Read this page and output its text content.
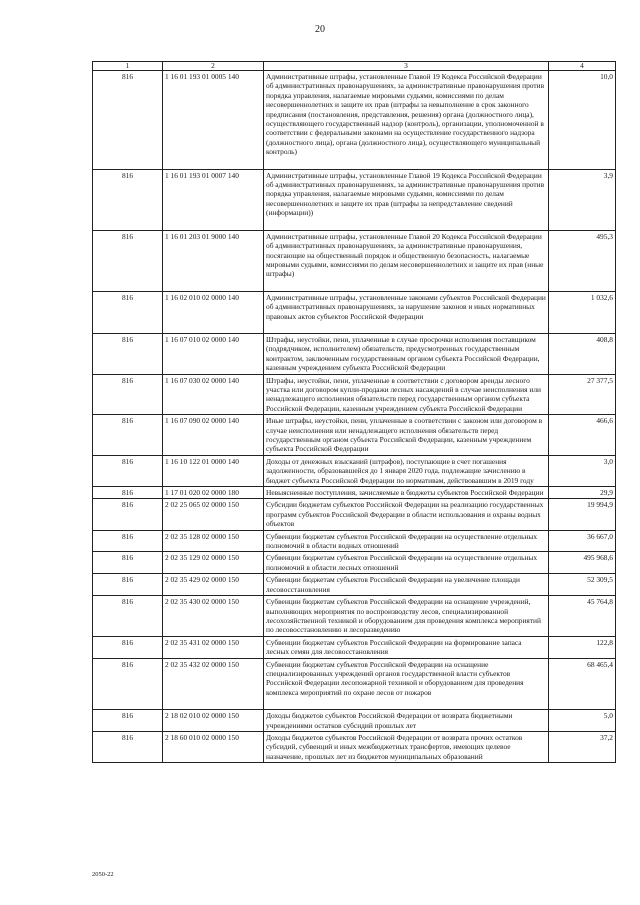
20
1	2	3	4
816	1 16 01 193 01 0005 140	Административные штрафы, установленные Главой 19 Кодекса Российской Федерации об административных правонарушениях, за административные правонарушения против порядка управления, налагаемые мировыми судьями, комиссиями по делам несовершеннолетних и защите их прав (штрафы за невыполнение в срок законного предписания (постановления, представления, решения) органа (должностного лица), осуществляющего государственный надзор (контроль), организации, уполномоченной в соответствии с федеральными законами на осуществление государственного надзора (должностного лица), органа (должностного лица), осуществляющего муниципальный контроль)	10,0
816	1 16 01 193 01 0007 140	Административные штрафы, установленные Главой 19 Кодекса Российской Федерации об административных правонарушениях, за административные правонарушения против порядка управления, налагаемые мировыми судьями, комиссиями по делам несовершеннолетних и защите их прав (штрафы за непредставление сведений (информации))	3,9
816	1 16 01 203 01 9000 140	Административные штрафы, установленные Главой 20 Кодекса Российской Федерации об административных правонарушениях, за административные правонарушения, посягающие на общественный порядок и общественную безопасность, налагаемые мировыми судьями, комиссиями по делам несовершеннолетних и защите их прав (иные штрафы)	495,3
816	1 16 02 010 02 0000 140	Административные штрафы, установленные законами субъектов Российской Федерации об административных правонарушениях, за нарушение законов и иных нормативных правовых актов субъектов Российской Федерации	1 032,6
816	1 16 07 010 02 0000 140	Штрафы, неустойки, пени, уплаченные в случае просрочки исполнения поставщиком (подрядчиком, исполнителем) обязательств, предусмотренных государственным контрактом, заключенным государственным органом субъекта Российской Федерации, казенным учреждением субъекта Российской Федерации	408,8
816	1 16 07 030 02 0000 140	Штрафы, неустойки, пени, уплаченные в соответствии с договором аренды лесного участка или договором купли-продажи лесных насаждений в случае неисполнения или ненадлежащего исполнения обязательств перед государственным органом субъекта Российской Федерации, казенным учреждением субъекта Российской Федерации	27 377,5
816	1 16 07 090 02 0000 140	Иные штрафы, неустойки, пени, уплаченные в соответствии с законом или договором в случае неисполнения или ненадлежащего исполнения обязательств перед государственным органом субъекта Российской Федерации, казенным учреждением субъекта Российской Федерации	466,6
816	1 16 10 122 01 0000 140	Доходы от денежных взысканий (штрафов), поступающие в счет погашения задолженности, образовавшейся до 1 января 2020 года, подлежащие зачислению в бюджет субъекта Российской Федерации по нормативам, действовавшим в 2019 году	3,0
816	1 17 01 020 02 0000 180	Невыясненные поступления, зачисляемые в бюджеты субъектов Российской Федерации	29,9
816	2 02 25 065 02 0000 150	Субсидии бюджетам субъектов Российской Федерации на реализацию государственных программ субъектов Российской Федерации в области использования и охраны водных объектов	19 994,9
816	2 02 35 128 02 0000 150	Субвенции бюджетам субъектов Российской Федерации на осуществление отдельных полномочий в области водных отношений	36 667,0
816	2 02 35 129 02 0000 150	Субвенции бюджетам субъектов Российской Федерации на осуществление отдельных полномочий в области лесных отношений	495 968,6
816	2 02 35 429 02 0000 150	Субвенции бюджетам субъектов Российской Федерации на увеличение площади лесовосстановления	52 309,5
816	2 02 35 430 02 0000 150	Субвенции бюджетам субъектов Российской Федерации на оснащение учреждений, выполняющих мероприятия по воспроизводству лесов, специализированной лесохозяйственной техникой и оборудованием для проведения комплекса мероприятий по лесовосстановлению и лесоразведению	45 764,8
816	2 02 35 431 02 0000 150	Субвенции бюджетам субъектов Российской Федерации на формирование запаса лесных семян для лесовосстановления	122,8
816	2 02 35 432 02 0000 150	Субвенции бюджетам субъектов Российской Федерации на оснащение специализированных учреждений органов государственной власти субъектов Российской Федерации лесопожарной техникой и оборудованием для проведения комплекса мероприятий по охране лесов от пожаров	68 465,4
816	2 18 02 010 02 0000 150	Доходы бюджетов субъектов Российской Федерации от возврата бюджетными учреждениями остатков субсидий прошлых лет	5,0
816	2 18 60 010 02 0000 150	Доходы бюджетов субъектов Российской Федерации от возврата прочих остатков субсидий, субвенций и иных межбюджетных трансфертов, имеющих целевое назначение, прошлых лет из бюджетов муниципальных образований	37,2
2050-22
